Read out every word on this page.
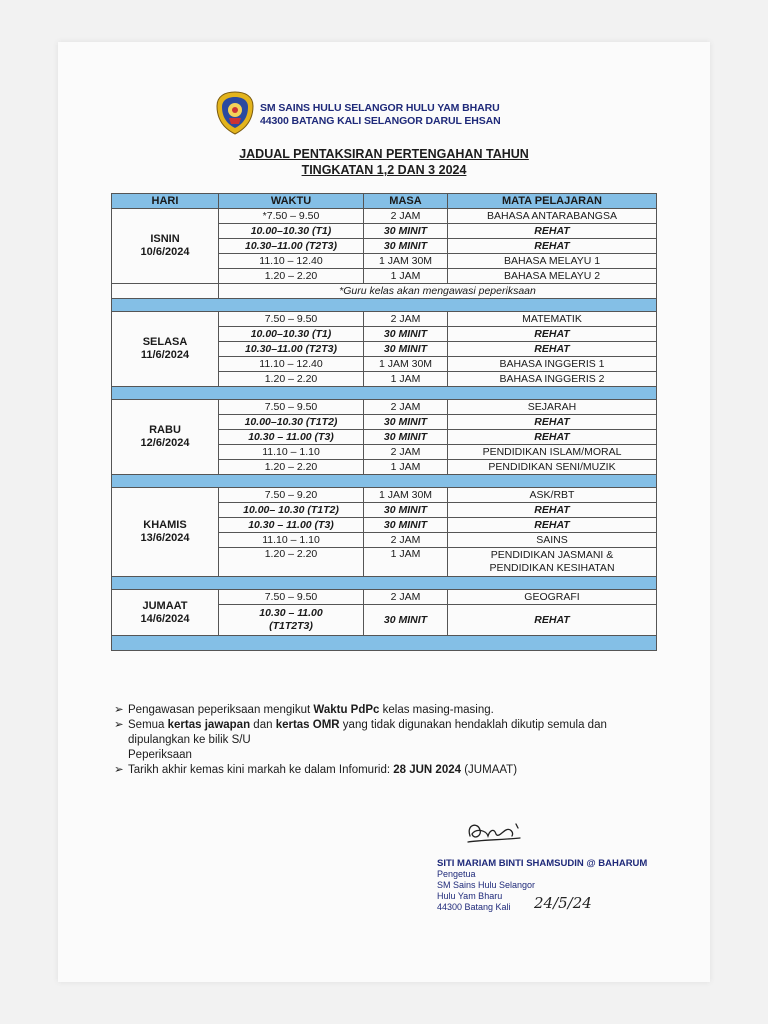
SM SAINS HULU SELANGOR HULU YAM BHARU
44300 BATANG KALI SELANGOR DARUL EHSAN
JADUAL PENTAKSIRAN PERTENGAHAN TAHUN
TINGKATAN 1,2 DAN 3 2024
HARI	WAKTU	MASA	MATA PELAJARAN
ISNIN
10/6/2024	*7.50 – 9.50	2 JAM	BAHASA ANTARABANGSA
	10.00–10.30 (T1)	30 MINIT	REHAT
	10.30–11.00 (T2T3)	30 MINIT	REHAT
	11.10 – 12.40	1 JAM 30M	BAHASA MELAYU 1
	1.20 – 2.20	1 JAM	BAHASA MELAYU 2
	*Guru kelas akan mengawasi peperiksaan		

SELASA
11/6/2024	7.50 – 9.50	2 JAM	MATEMATIK
	10.00–10.30 (T1)	30 MINIT	REHAT
	10.30–11.00 (T2T3)	30 MINIT	REHAT
	11.10 – 12.40	1 JAM 30M	BAHASA INGGERIS 1
	1.20 – 2.20	1 JAM	BAHASA INGGERIS 2

RABU
12/6/2024	7.50 – 9.50	2 JAM	SEJARAH
	10.00–10.30 (T1T2)	30 MINIT	REHAT
	10.30 – 11.00 (T3)	30 MINIT	REHAT
	11.10 – 1.10	2 JAM	PENDIDIKAN ISLAM/MORAL
	1.20 – 2.20	1 JAM	PENDIDIKAN SENI/MUZIK

KHAMIS
13/6/2024	7.50 – 9.20	1 JAM 30M	ASK/RBT
	10.00– 10.30 (T1T2)	30 MINIT	REHAT
	10.30 – 11.00 (T3)	30 MINIT	REHAT
	11.10 – 1.10	2 JAM	SAINS
	1.20 – 2.20	1 JAM	PENDIDIKAN JASMANI &
PENDIDIKAN KESIHATAN

JUMAAT
14/6/2024	7.50 – 9.50	2 JAM	GEOGRAFI
	10.30 – 11.00
(T1T2T3)	30 MINIT	REHAT

➢ Pengawasan peperiksaan mengikut Waktu PdPc kelas masing-masing.
➢ Semua kertas jawapan dan kertas OMR yang tidak digunakan hendaklah dikutip semula dan
dipulangkan ke bilik S/U
Peperiksaan
➢ Tarikh akhir kemas kini markah ke dalam Infomurid: 28 JUN 2024 (JUMAAT)
SITI MARIAM BINTI SHAMSUDIN @ BAHARUM
Pengetua
SM Sains Hulu Selangor
Hulu Yam Bharu
44300 Batang Kali	24/5/24
